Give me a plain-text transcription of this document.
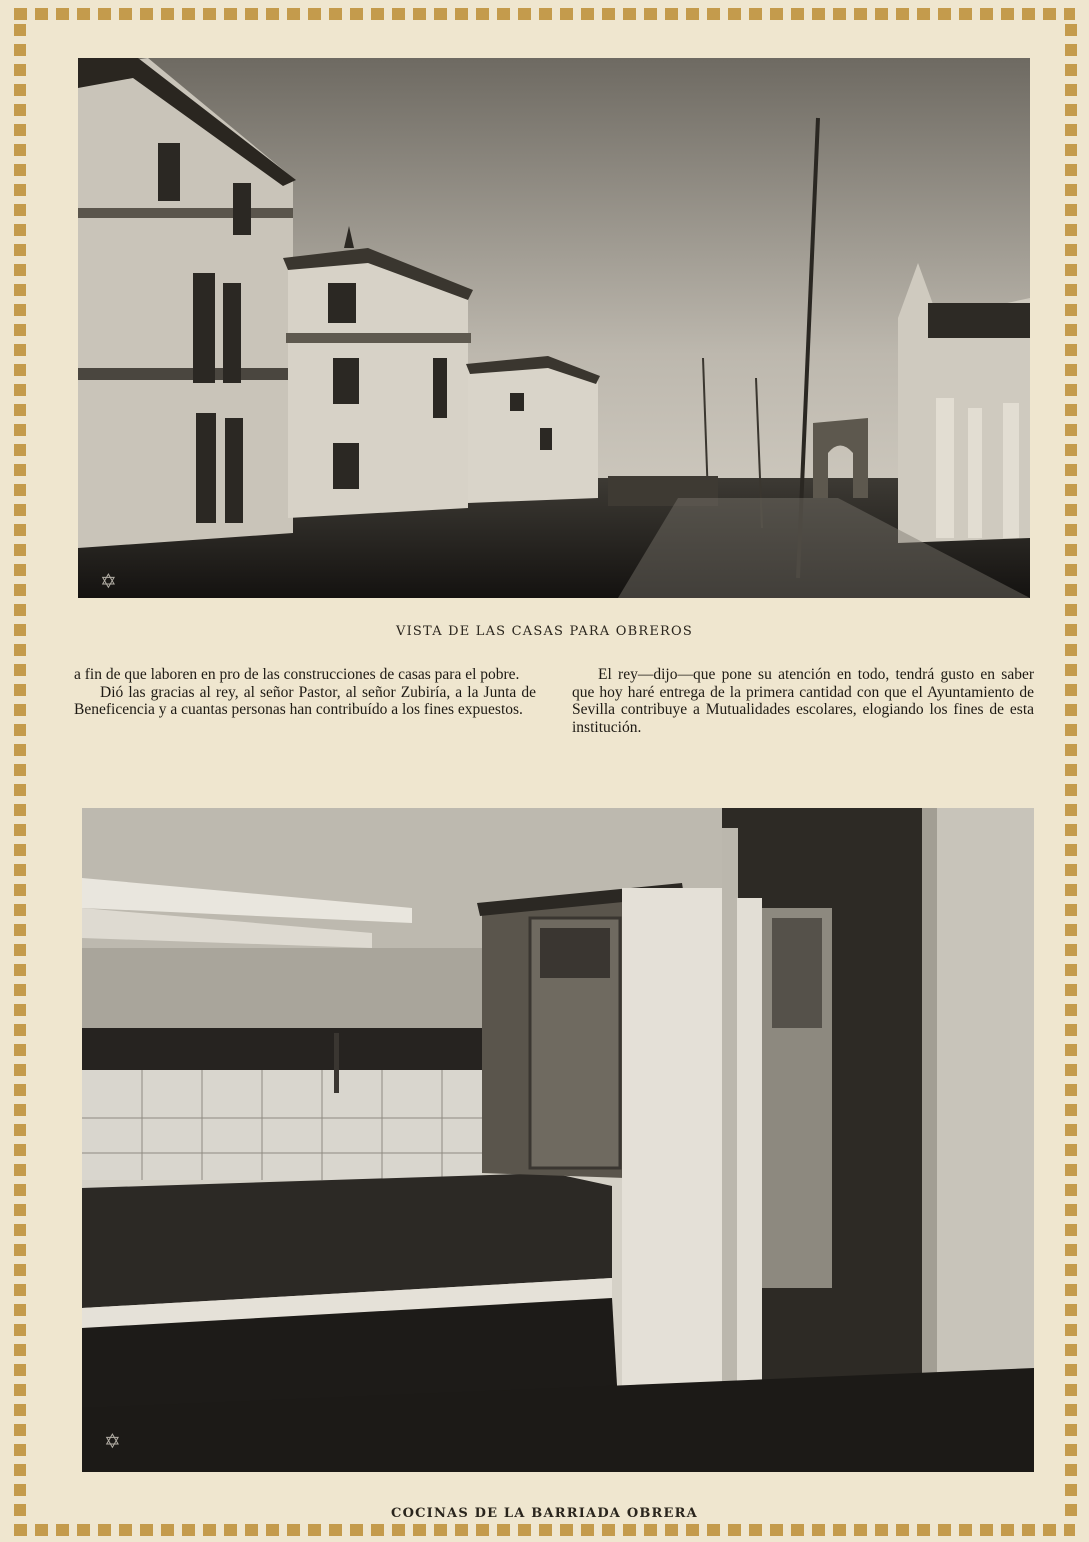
✡
VISTA DE LAS CASAS PARA OBREROS

a fin de que laboren en pro de las construcciones de casas para el pobre.

Dió las gracias al rey, al señor Pastor, al señor Zubiría, a la Junta de Beneficencia y a cuantas personas han contribuído a los fines expuestos.

El rey—dijo—que pone su atención en todo, tendrá gusto en saber que hoy haré entrega de la primera cantidad con que el Ayuntamiento de Sevilla contribuye a Mutualidades escolares, elogiando los fines de esta institución.

✡
COCINAS DE LA BARRIADA OBRERA
